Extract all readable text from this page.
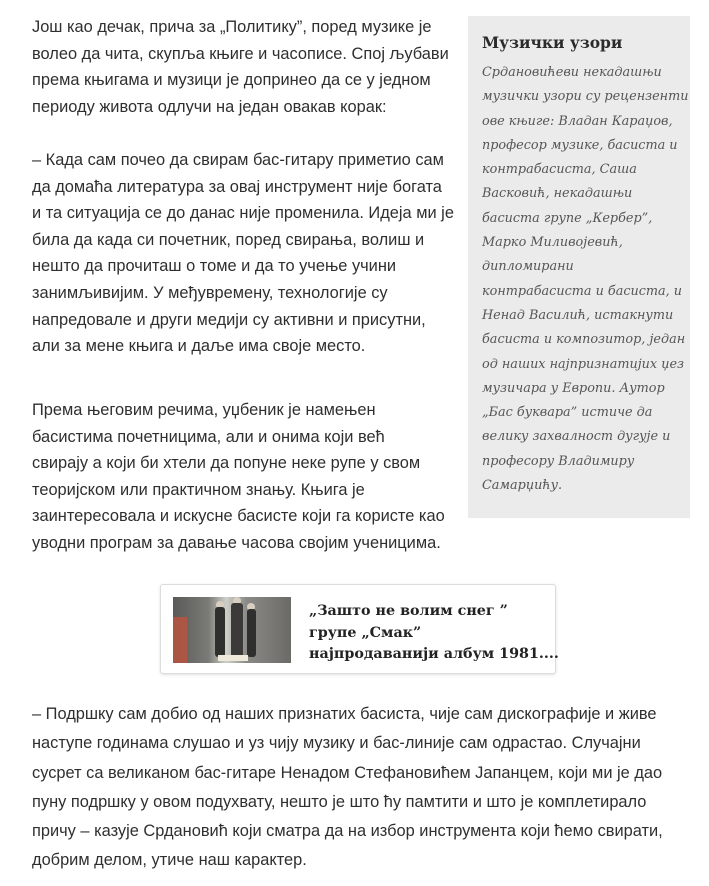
Још као дечак, прича за „Политику”, поред музике је
волео да чита, скупља књиге и часописе. Спој љубави
према књигама и музици је допринео да се у једном
периоду живота одлучи на један овакав корак:
– Када сам почео да свирам бас-гитару приметио сам
да домаћа литература за овај инструмент није богата
и та ситуација се до данас није променила. Идеја ми је
била да када си почетник, поред свирања, волиш и
нешто да прочиташ о томе и да то учење учини
занимљивијим. У међувремену, технологије су
напредовале и други медији су активни и присутни,
али за мене књига и даље има своје место.
Према његовим речима, уџбеник је намењен
басистима почетницима, али и онима који већ
свирају а који би хтели да попуне неке рупе у свом
теоријском или практичном знању. Књига је
заинтересовала и искусне басисте који га користе као
уводни програм за давање часова својим ученицима.
Музички узори
Срдановићеви некадашњи
музички узори су рецензенти
ове књиге: Владан Караџов,
професор музике, басиста и
контрабасиста, Саша
Васковић, некадашњи
басиста групе „Кербер”,
Марко Миливојевић,
дипломирани
контрабасиста и басиста, и
Ненад Василић, истакнути
басиста и композитор, један
од наших најпризнатијих џез
музичара у Европи. Аутор
„Бас буквара” истиче да
велику захвалност дугује и
професору Владимиру
Самарџићу.
„Зашто не волим снег ”
групе „Смак”
најпродаванији албум 1981....
– Подршку сам добио од наших признатих басиста, чије сам дискографије и живе
наступе годинама слушао и уз чију музику и бас-линије сам одрастао. Случајни
сусрет са великаном бас-гитаре Ненадом Стефановићем Јапанцем, који ми је дао
пуну подршку у овом подухвату, нешто је што ћу памтити и што је комплетирало
причу – казује Срдановић који сматра да на избор инструмента који ћемо свирати,
добрим делом, утиче наш карактер.
